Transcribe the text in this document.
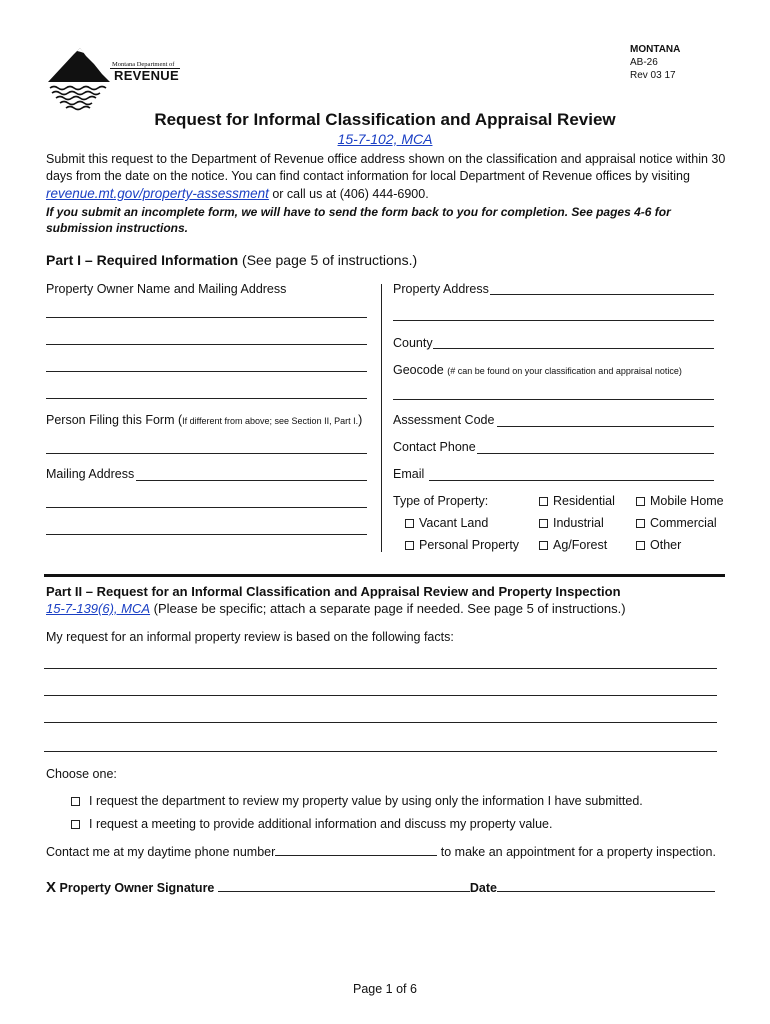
Montana Department of
REVENUE
MONTANA
AB-26
Rev 03 17
Request for Informal Classification and Appraisal Review
15-7-102, MCA
Submit this request to the Department of Revenue office address shown on the classification and appraisal notice within 30 days from the date on the notice. You can find contact information for local Department of Revenue offices by visiting revenue.mt.gov/property-assessment or call us at (406) 444-6900.
If you submit an incomplete form, we will have to send the form back to you for completion. See pages 4-6 for submission instructions.
Part I – Required Information (See page 5 of instructions.)
Property Owner Name and Mailing Address
Person Filing this Form (If different from above; see Section II, Part I.)
Mailing Address
Property Address
County
Geocode (# can be found on your classification and appraisal notice)
Assessment Code
Contact Phone
Email
Type of Property:	Residential	Mobile Home
Vacant Land	Industrial	Commercial
Personal Property	Ag/Forest	Other
Part II – Request for an Informal Classification and Appraisal Review and Property Inspection
15-7-139(6), MCA (Please be specific; attach a separate page if needed. See page 5 of instructions.)
My request for an informal property review is based on the following facts:
Choose one:
I request the department to review my property value by using only the information I have submitted.
I request a meeting to provide additional information and discuss my property value.
Contact me at my daytime phone number	to make an appointment for a property inspection.
X Property Owner Signature	Date
Page 1 of 6
